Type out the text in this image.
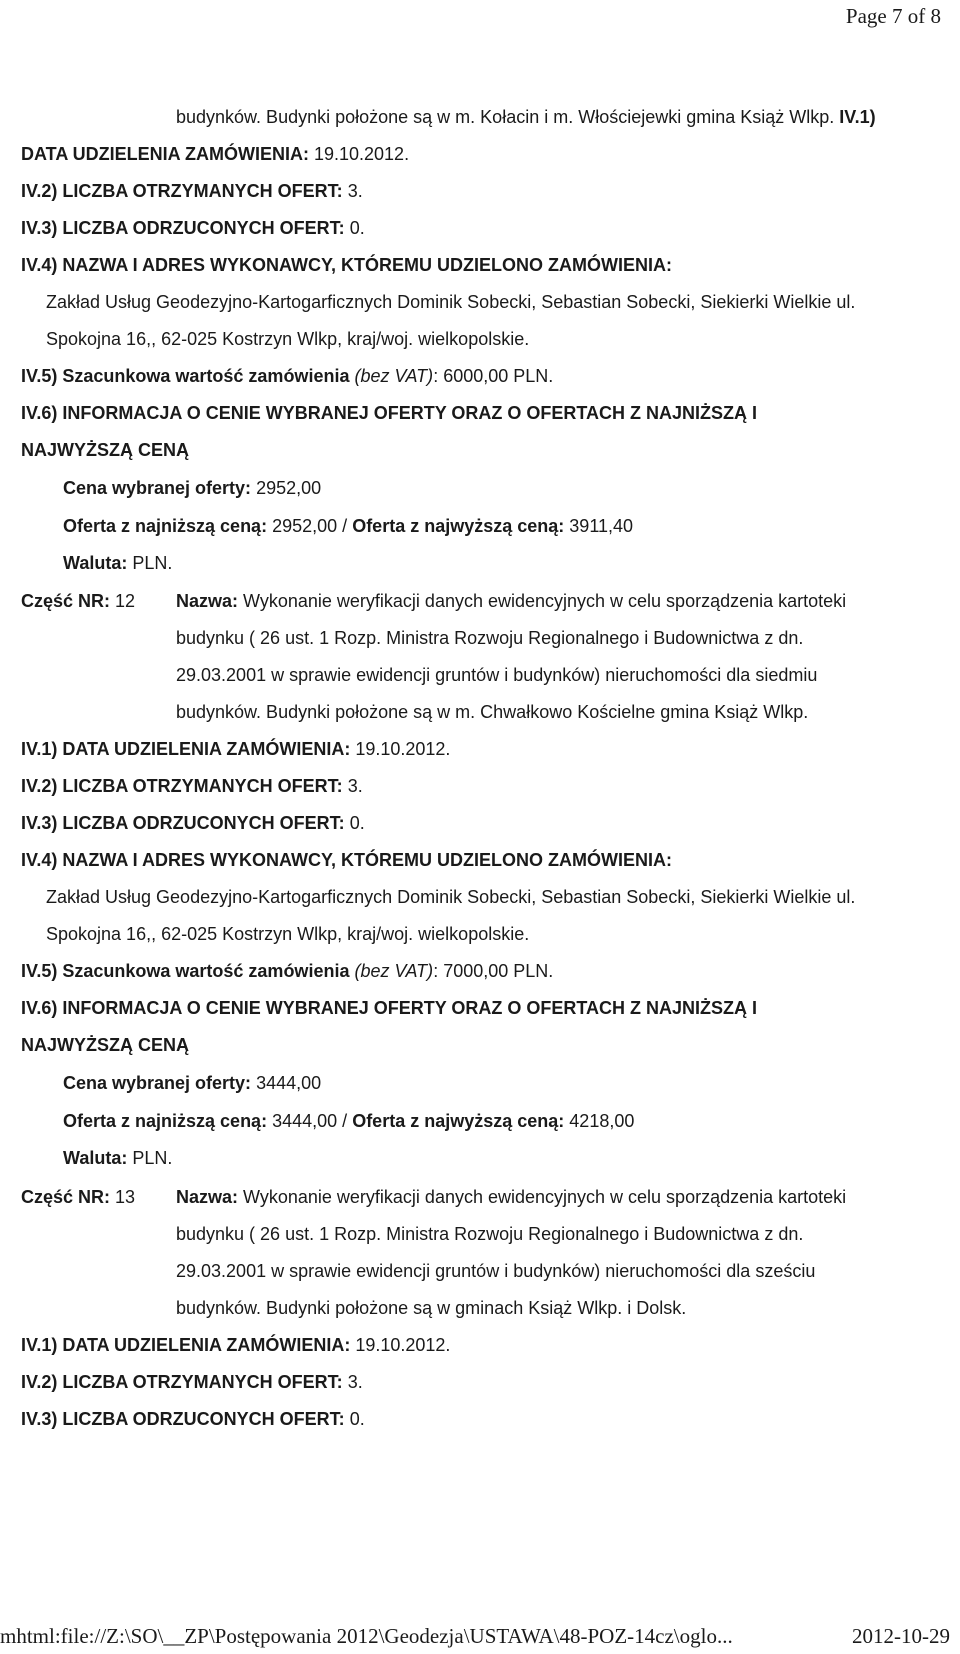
Page 7 of 8
budynków. Budynki położone są w m. Kołacin i m. Włościejewki gmina Książ Wlkp. IV.1)
DATA UDZIELENIA ZAMÓWIENIA: 19.10.2012.
IV.2) LICZBA OTRZYMANYCH OFERT: 3.
IV.3) LICZBA ODRZUCONYCH OFERT: 0.
IV.4) NAZWA I ADRES WYKONAWCY, KTÓREMU UDZIELONO ZAMÓWIENIA:
Zakład Usług Geodezyjno-Kartogarficznych Dominik Sobecki, Sebastian Sobecki, Siekierki Wielkie ul.
Spokojna 16,, 62-025 Kostrzyn Wlkp, kraj/woj. wielkopolskie.
IV.5) Szacunkowa wartość zamówienia (bez VAT): 6000,00 PLN.
IV.6) INFORMACJA O CENIE WYBRANEJ OFERTY ORAZ O OFERTACH Z NAJNIŻSZĄ I
NAJWYŻSZĄ CENĄ
Cena wybranej oferty: 2952,00
Oferta z najniższą ceną: 2952,00 / Oferta z najwyższą ceną: 3911,40
Waluta: PLN.
Część NR: 12 Nazwa: Wykonanie weryfikacji danych ewidencyjnych w celu sporządzenia kartoteki
budynku ( 26 ust. 1 Rozp. Ministra Rozwoju Regionalnego i Budownictwa z dn.
29.03.2001 w sprawie ewidencji gruntów i budynków) nieruchomości dla siedmiu
budynków. Budynki położone są w m. Chwałkowo Kościelne gmina Książ Wlkp.
IV.1) DATA UDZIELENIA ZAMÓWIENIA: 19.10.2012.
IV.2) LICZBA OTRZYMANYCH OFERT: 3.
IV.3) LICZBA ODRZUCONYCH OFERT: 0.
IV.4) NAZWA I ADRES WYKONAWCY, KTÓREMU UDZIELONO ZAMÓWIENIA:
Zakład Usług Geodezyjno-Kartogarficznych Dominik Sobecki, Sebastian Sobecki, Siekierki Wielkie ul.
Spokojna 16,, 62-025 Kostrzyn Wlkp, kraj/woj. wielkopolskie.
IV.5) Szacunkowa wartość zamówienia (bez VAT): 7000,00 PLN.
IV.6) INFORMACJA O CENIE WYBRANEJ OFERTY ORAZ O OFERTACH Z NAJNIŻSZĄ I
NAJWYŻSZĄ CENĄ
Cena wybranej oferty: 3444,00
Oferta z najniższą ceną: 3444,00 / Oferta z najwyższą ceną: 4218,00
Waluta: PLN.
Część NR: 13 Nazwa: Wykonanie weryfikacji danych ewidencyjnych w celu sporządzenia kartoteki
budynku ( 26 ust. 1 Rozp. Ministra Rozwoju Regionalnego i Budownictwa z dn.
29.03.2001 w sprawie ewidencji gruntów i budynków) nieruchomości dla sześciu
budynków. Budynki położone są w gminach Książ Wlkp. i Dolsk.
IV.1) DATA UDZIELENIA ZAMÓWIENIA: 19.10.2012.
IV.2) LICZBA OTRZYMANYCH OFERT: 3.
IV.3) LICZBA ODRZUCONYCH OFERT: 0.
mhtml:file://Z:\SO\__ZP\Postępowania 2012\Geodezja\USTAWA\48-POZ-14cz\oglo...	2012-10-29
